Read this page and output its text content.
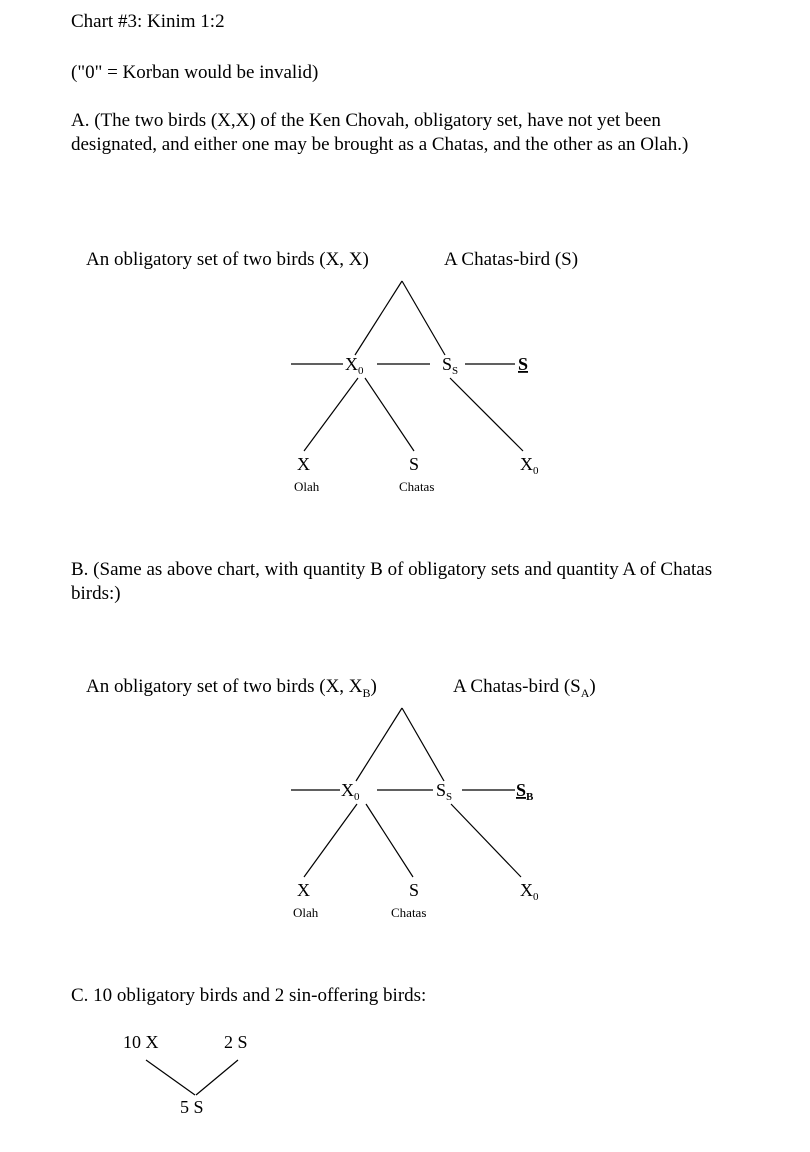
Chart #3: Kinim 1:2

("0" = Korban would be invalid)

A. (The two birds (X,X) of the Ken Chovah, obligatory set, have not yet been designated, and either one may be brought as a Chatas, and the other as an Olah.)

An obligatory set of two birds (X, X)	A Chatas-bird (S)

$X_0$	$S_S$	S
X	S	$X_0$
Olah	Chatas

B. (Same as above chart, with quantity B of obligatory sets and quantity A of Chatas birds:)

An obligatory set of two birds (X, $X_B$)	A Chatas-bird $(S_A)$

$X_0$	$S_S$	$S_B$
X	S	$X_0$
Olah	Chatas

C. 10 obligatory birds and 2 sin-offering birds:

10 X	2 S
5 S
